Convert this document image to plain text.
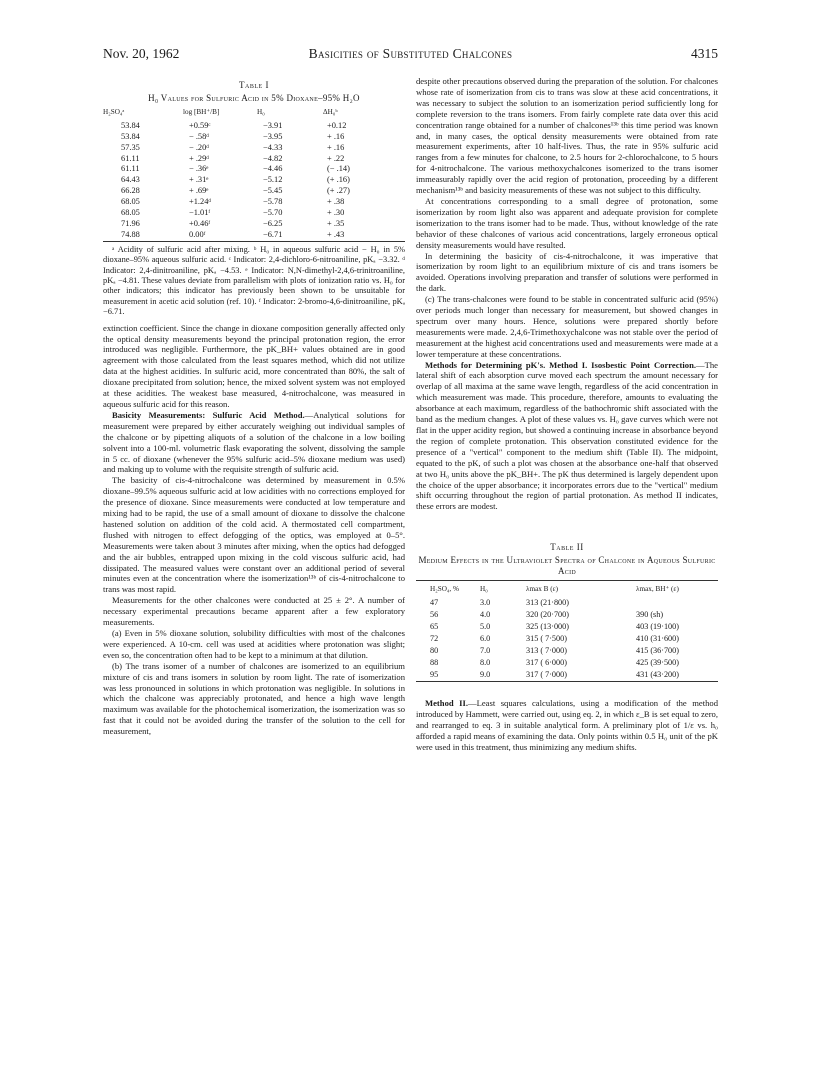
Nov. 20, 1962	Basicities of Substituted Chalcones	4315
Table I
H₀ Values for Sulfuric Acid in 5% Dioxane–95% H₂O
H₂SO₄ᵃ	log [BH⁺/B]	H₀	ΔH₀ᵇ
53.84	+0.59ᶜ	−3.91	+0.12
53.84	− .58ᵈ	−3.95	+ .16
57.35	− .20ᵈ	−4.33	+ .16
61.11	+ .29ᵈ	−4.82	+ .22
61.11	− .36ᵉ	−4.46	(− .14)
64.43	+ .31ᵉ	−5.12	(+ .16)
66.28	+ .69ᵉ	−5.45	(+ .27)
68.05	+1.24ᵈ	−5.78	+ .38
68.05	−1.01ᶠ	−5.70	+ .30
71.96	+0.46ᶠ	−6.25	+ .35
74.88	0.00ᶠ	−6.71	+ .43
ᵃ Acidity of sulfuric acid after mixing. ᵇ H₀ in aqueous sulfuric acid − H₀ in 5% dioxane–95% aqueous sulfuric acid. ᶜ Indicator: 2,4-dichloro-6-nitroaniline, pKₐ −3.32. ᵈ Indicator: 2,4-dinitroaniline, pKₐ −4.53. ᵉ Indicator: N,N-dimethyl-2,4,6-trinitroaniline, pKₐ −4.81. These values deviate from parallelism with plots of ionization ratio vs. H₀ for other indicators; this indicator has previously been shown to be unsuitable for measurement in acetic acid solution (ref. 10). ᶠ Indicator: 2-bromo-4,6-dinitroaniline, pKₐ −6.71.

extinction coefficient. Since the change in dioxane composition generally affected only the optical density measurements beyond the principal protonation region, the error introduced was negligible. Furthermore, the pK_BH+ values obtained are in good agreement with those calculated from the least squares method, which did not utilize data at the highest acidities. In sulfuric acid, more concentrated than 80%, the salt of dioxane precipitated from solution; hence, the mixed solvent system was not employed at these acidities. The weakest base measured, 4-nitrochalcone, was measured in aqueous sulfuric acid for this reason.

Basicity Measurements: Sulfuric Acid Method.—Analytical solutions for measurement were prepared by either accurately weighing out individual samples of the chalcone or by pipetting aliquots of a solution of the chalcone in a low boiling solvent into a 100-ml. volumetric flask evaporating the solvent, dissolving the sample in 5 cc. of dioxane (whenever the 95% sulfuric acid–5% dioxane medium was used) and making up to volume with the requisite strength of sulfuric acid.

The basicity of cis-4-nitrochalcone was determined by measurement in 0.5% dioxane–99.5% aqueous sulfuric acid at low acidities with no corrections employed for the presence of dioxane. Since measurements were conducted at low temperature and mixing had to be rapid, the use of a small amount of dioxane to dissolve the chalcone hastened solution on addition of the cold acid. A thermostated cell compartment, flushed with nitrogen to effect defogging of the optics, was employed at 0–5°. Measurements were taken about 3 minutes after mixing, when the optics had defogged and the air bubbles, entrapped upon mixing in the cold viscous sulfuric acid, had dissipated. The measured values were constant over an additional period of several minutes even at the concentration where the isomerization¹³ᵇ of cis-4-nitrochalcone to trans was most rapid.

Measurements for the other chalcones were conducted at 25 ± 2°. A number of necessary experimental precautions became apparent after a few exploratory measurements.

(a) Even in 5% dioxane solution, solubility difficulties with most of the chalcones were experienced. A 10-cm. cell was used at acidities where protonation was slight; even so, the concentration often had to be kept to a minimum at that dilution.

(b) The trans isomer of a number of chalcones are isomerized to an equilibrium mixture of cis and trans isomers in solution by room light. The rate of isomerization was less pronounced in solutions in which protonation was negligible. In solutions in which the chalcone was appreciably protonated, and hence a high wave length maximum was available for the photochemical isomerization, the isomerization was so fast that it could not be avoided during the transfer of the solution to the cell for measurement,

despite other precautions observed during the preparation of the solution. For chalcones whose rate of isomerization from cis to trans was slow at these acid concentrations, it was necessary to subject the solution to an isomerization period sufficiently long for complete reversion to the trans isomers. From fairly complete rate data over this acid concentration range obtained for a number of chalcones¹³ᵇ this time period was known and, in many cases, the optical density measurements were obtained from rate measurement experiments, after 10 half-lives. Thus, the rate in 95% sulfuric acid ranges from a few minutes for chalcone, to 2.5 hours for 2-chlorochalcone, to 5 hours for 4-nitrochalcone. The various methoxychalcones isomerized to the trans isomer immeasurably rapidly over the acid region of protonation, proceeding by a different mechanism¹³ᵇ and basicity measurements of these was not subject to this difficulty.

At concentrations corresponding to a small degree of protonation, some isomerization by room light also was apparent and adequate provision for complete isomerization to the trans isomer had to be made. Thus, without knowledge of the rate behavior of these chalcones of various acid concentrations, largely erroneous optical density measurements would have resulted.

In determining the basicity of cis-4-nitrochalcone, it was imperative that isomerization by room light to an equilibrium mixture of cis and trans isomers be avoided. Operations involving preparation and transfer of solutions were performed in the dark.

(c) The trans-chalcones were found to be stable in concentrated sulfuric acid (95%) over periods much longer than necessary for measurement, but showed changes in spectrum over many hours. Hence, solutions were prepared shortly before measurements were made. 2,4,6-Trimethoxychalcone was not stable over the period of measurement at the highest acid concentrations used and measurements were made at a lower temperature at these concentrations.

Methods for Determining pK's. Method I. Isosbestic Point Correction.—The lateral shift of each absorption curve moved each spectrum the amount necessary for overlap of all maxima at the same wave length, regardless of the acid concentration in which measurement was made. This procedure, therefore, amounts to evaluating the absorbance at each maximum, regardless of the bathochromic shift associated with the band as the medium changes. A plot of these values vs. H₀ gave curves which were not flat in the upper acidity region, but showed a continuing increase in absorbance beyond the region of complete protonation. This observation constituted evidence for the presence of a "vertical" component to the medium shift (Table II). The midpoint, equated to the pK, of such a plot was chosen at the absorbance one-half that observed at two H₀ units above the pK_BH+. The pK thus determined is largely dependent upon the choice of the upper absorbance; it incorporates errors due to the "vertical" medium shift occurring throughout the region of partial protonation. As method II indicates, these errors are modest.

Table II
Medium Effects in the Ultraviolet Spectra of Chalcone in Aqueous Sulfuric Acid
H₂SO₄, %	H₀	λmax B (ε)	λmax, BH⁺ (ε)
47	3.0	313 (21·800)	
56	4.0	320 (20·700)	390 (sh)
65	5.0	325 (13·000)	403 (19·100)
72	6.0	315 ( 7·500)	410 (31·600)
80	7.0	313 ( 7·000)	415 (36·700)
88	8.0	317 ( 6·000)	425 (39·500)
95	9.0	317 ( 7·000)	431 (43·200)

Method II.—Least squares calculations, using a modification of the method introduced by Hammett, were carried out, using eq. 2, in which ε_B is set equal to zero, and rearranged to eq. 3 in suitable analytical form. A preliminary plot of 1/ε vs. h₀ afforded a rapid means of examining the data. Only points within 0.5 H₀ unit of the pK were used in this treatment, thus minimizing any medium shifts.
